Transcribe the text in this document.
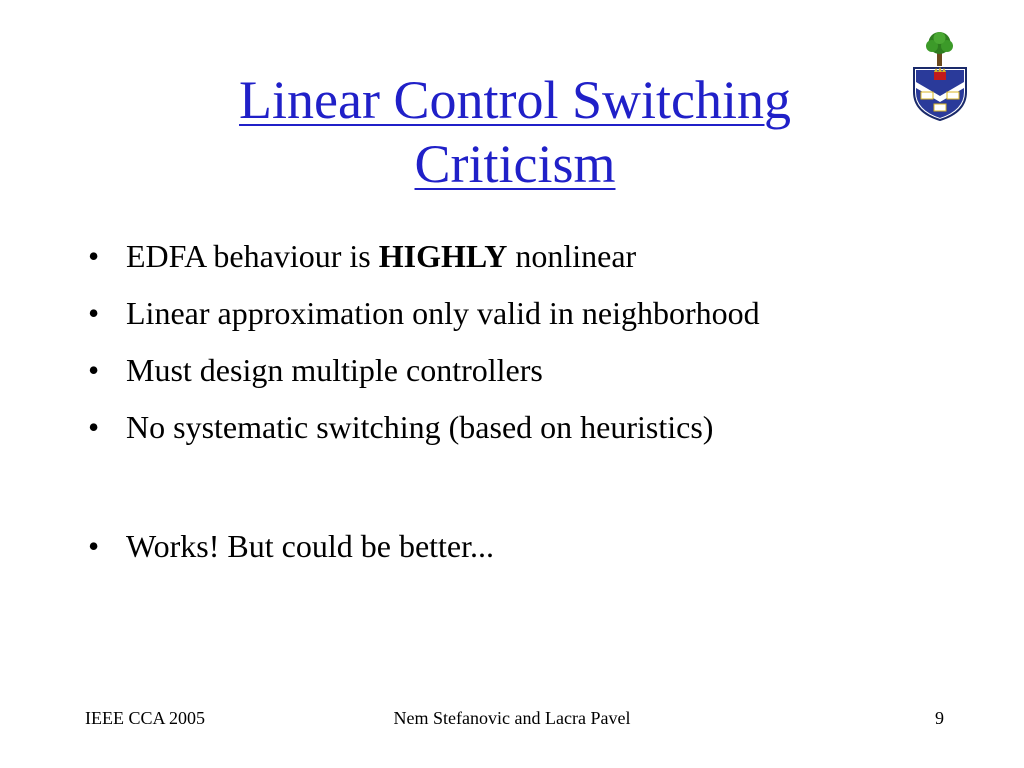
Linear Control Switching
Criticism
• EDFA behaviour is HIGHLY nonlinear
• Linear approximation only valid in neighborhood
• Must design multiple controllers
• No systematic switching (based on heuristics)
• Works! But could be better...
IEEE CCA 2005	Nem Stefanovic and Lacra Pavel	9
